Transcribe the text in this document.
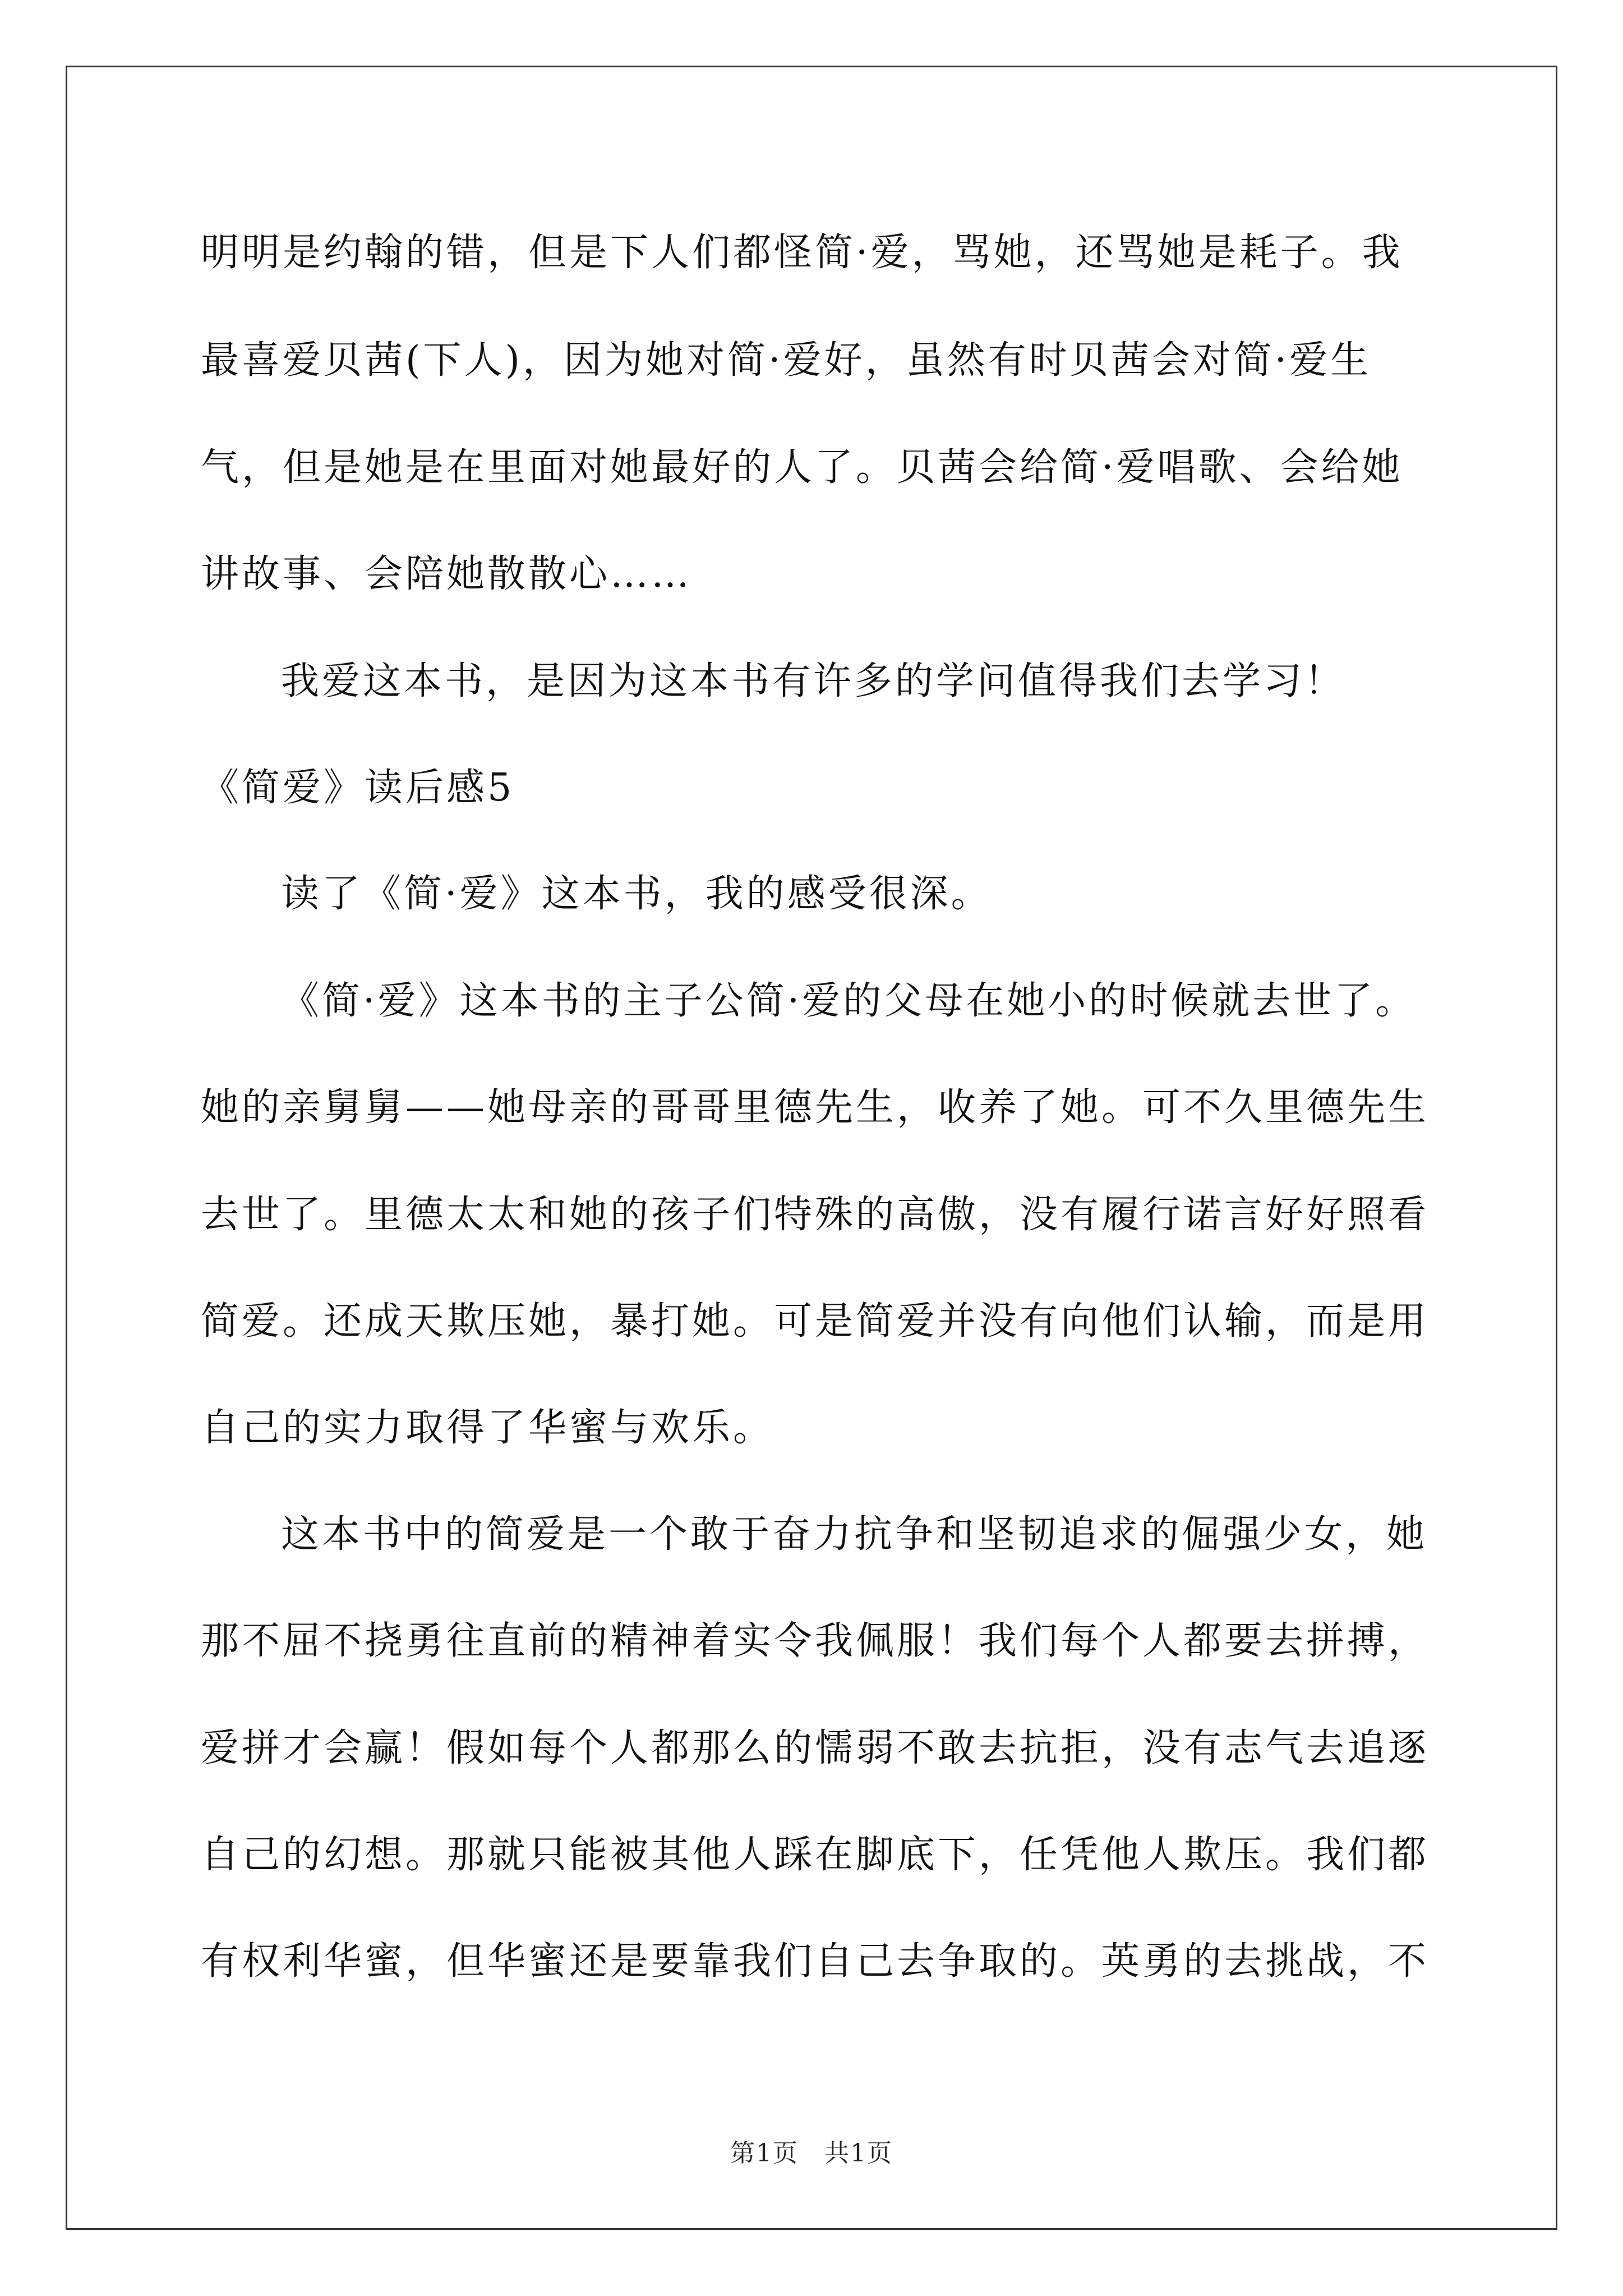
明明是约翰的错，但是下人们都怪简·爱，骂她，还骂她是耗子。我
最喜爱贝茜(下人)，因为她对简·爱好，虽然有时贝茜会对简·爱生
气，但是她是在里面对她最好的人了。贝茜会给简·爱唱歌、会给她
讲故事、会陪她散散心……
我爱这本书，是因为这本书有许多的学问值得我们去学习！
《简爱》读后感5
读了《简·爱》这本书，我的感受很深。
《简·爱》这本书的主子公简·爱的父母在她小的时候就去世了。
她的亲舅舅——她母亲的哥哥里德先生，收养了她。可不久里德先生
去世了。里德太太和她的孩子们特殊的高傲，没有履行诺言好好照看
简爱。还成天欺压她，暴打她。可是简爱并没有向他们认输，而是用
自己的实力取得了华蜜与欢乐。
这本书中的简爱是一个敢于奋力抗争和坚韧追求的倔强少女，她
那不屈不挠勇往直前的精神着实令我佩服！我们每个人都要去拼搏，
爱拼才会赢！假如每个人都那么的懦弱不敢去抗拒，没有志气去追逐
自己的幻想。那就只能被其他人踩在脚底下，任凭他人欺压。我们都
有权利华蜜，但华蜜还是要靠我们自己去争取的。英勇的去挑战，不
第1页 共1页
